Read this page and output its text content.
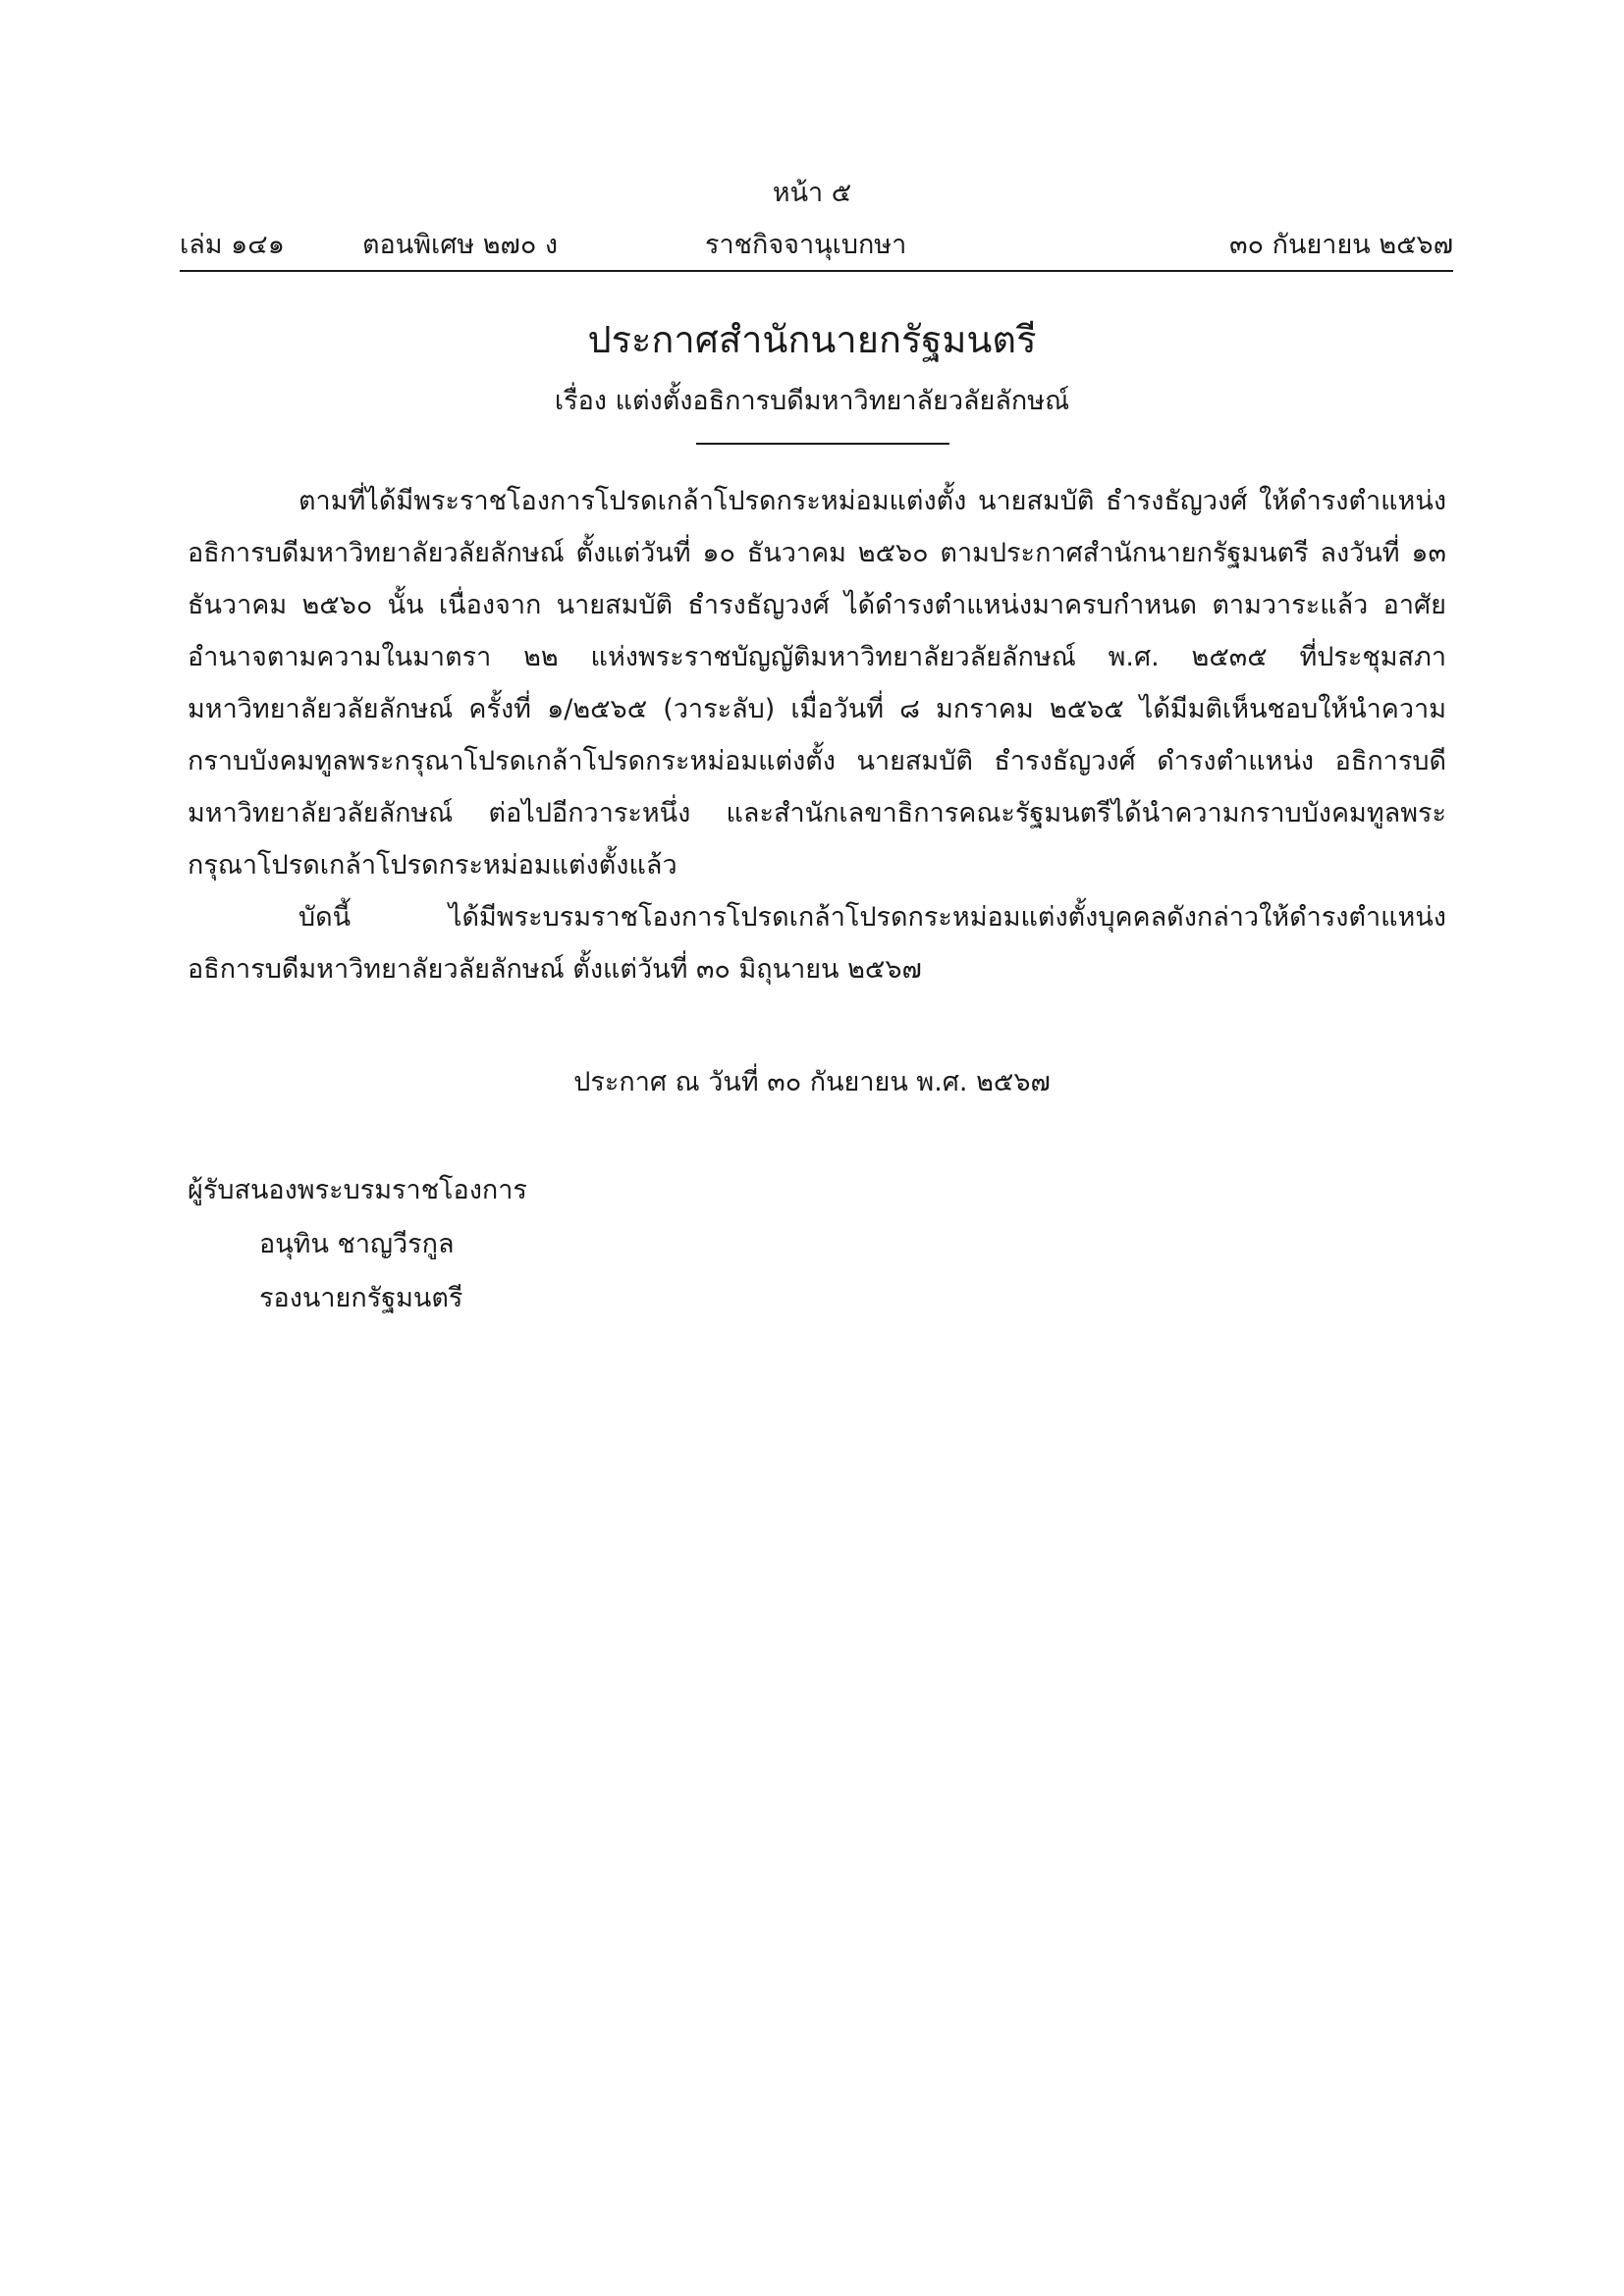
หน้า ๕
เล่ม ๑๔๑	ตอนพิเศษ ๒๗๐ ง	ราชกิจจานุเบกษา	๓๐ กันยายน ๒๕๖๗
ประกาศสำนักนายกรัฐมนตรี
เรื่อง แต่งตั้งอธิการบดีมหาวิทยาลัยวลัยลักษณ์

ตามที่ได้มีพระราชโองการโปรดเกล้าโปรดกระหม่อมแต่งตั้ง นายสมบัติ ธำรงธัญวงศ์ ให้ดำรงตำแหน่ง อธิการบดีมหาวิทยาลัยวลัยลักษณ์ ตั้งแต่วันที่ ๑๐ ธันวาคม ๒๕๖๐ ตามประกาศสำนักนายกรัฐมนตรี ลงวันที่ ๑๓ ธันวาคม ๒๕๖๐ นั้น เนื่องจาก นายสมบัติ ธำรงธัญวงศ์ ได้ดำรงตำแหน่งมาครบกำหนด ตามวาระแล้ว อาศัยอำนาจตามความในมาตรา ๒๒ แห่งพระราชบัญญัติมหาวิทยาลัยวลัยลักษณ์ พ.ศ. ๒๕๓๕ ที่ประชุมสภามหาวิทยาลัยวลัยลักษณ์ ครั้งที่ ๑/๒๕๖๕ (วาระลับ) เมื่อวันที่ ๘ มกราคม ๒๕๖๕ ได้มีมติเห็นชอบให้นำความกราบบังคมทูลพระกรุณาโปรดเกล้าโปรดกระหม่อมแต่งตั้ง นายสมบัติ ธำรงธัญวงศ์ ดำรงตำแหน่ง อธิการบดีมหาวิทยาลัยวลัยลักษณ์ ต่อไปอีกวาระหนึ่ง และสำนักเลขาธิการคณะรัฐมนตรีได้นำความกราบบังคมทูลพระกรุณาโปรดเกล้าโปรดกระหม่อมแต่งตั้งแล้ว

บัดนี้ ได้มีพระบรมราชโองการโปรดเกล้าโปรดกระหม่อมแต่งตั้งบุคคลดังกล่าวให้ดำรงตำแหน่ง อธิการบดีมหาวิทยาลัยวลัยลักษณ์ ตั้งแต่วันที่ ๓๐ มิถุนายน ๒๕๖๗

ประกาศ ณ วันที่ ๓๐ กันยายน พ.ศ. ๒๕๖๗
ผู้รับสนองพระบรมราชโองการ
อนุทิน ชาญวีรกูล
รองนายกรัฐมนตรี
